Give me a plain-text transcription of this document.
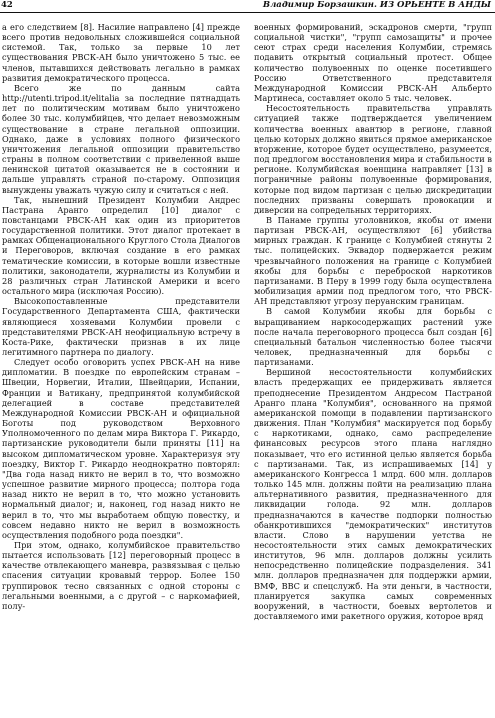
42	Владимир Борзашкин. ИЗ ОРЬЕНТЕ В АНДЫ

а его следствием [8]. Насилие направлено [4] прежде всего против недовольных сложившейся социальной системой. Так, только за первые 10 лет существования РВСК-АН было уничтожено 5 тыс. ее членов, пытавшихся действовать легально в рамках развития демократического процесса.

Всего же по данным сайта http://utenti.tripod.it/elitalia за последние пятнадцать лет по политическим мотивам было уничтожено более 30 тыс. колумбийцев, что делает невозможным существование в стране легальной оппозиции. Однако, даже в условиях полного физического уничтожения легальной оппозиции правительство страны в полном соответствии с привеленной выше ленинской цитатой оказывается не в состоянии и дальше управлять страной по-старому. Оппозиция вынуждены уважать чужую силу и считаться с ней.

Так, нынешний Президент Колумбии Андрес Пастрана Аранго определил [10] диалог с повстанцами РВСК-АН как один из приоритетов государственной политики. Этот диалог протекает в рамках Общенационального Круглого Стола Диалогов и Переговоров, включая создание в его рамках тематические комиссии, в которые вошли известные политики, законодатели, журналисты из Колумбии и 28 различных стран Латинской Америки и всего остального мира (исключая Россию).

Высокопоставленные представители Государственного Департамента США, фактически являющиеся хозяевами Колумбии провели с представителями РВСК-АН неофициальную встречу в Коста-Рике, фактически признав в их лице легитимного партнера по диалогу.

Следует особо оговорить успех РВСК-АН на ниве дипломатии. В поездке по европейским странам – Швеции, Норвегии, Италии, Швейцарии, Испании, Франции и Ватикану, предпринятой колумбийской делегацией в составе представителей Международной Комиссии РВСК-АН и официальной Боготы под руководством Верховного Уполномоченного по делам мира Виктора Г. Рикардо, партизанские руководители были приняты [11] на высоком дипломатическом уровне. Характеризуя эту поездку, Виктор Г. Рикардо неоднократно повторял: "Два года назад никто не верил в то, что возможно успешное развитие мирного процесса; полтора года назад никто не верил в то, что можно установить нормальный диалог; и, наконец, год назад никто не верил в то, что мы выработаем общую повестку, и совсем недавно никто не верил в возможность осуществления подобного рода поездки".

При этом, однако, колумбийское правительство пытается использовать [12] переговорный процесс в качестве отвлекающего маневра, развязывая с целью спасения ситуации кровавый террор. Более 150 группировок тесно связанных с одной стороны с легальными военными, а с другой – с наркомафией, полу-

военных формирований, эскадронов смерти, "групп социальной чистки", "групп самозащиты" и прочее сеют страх среди населения Колумбии, стремясь подавить открытый социальный протест. Общее количество полувоенных по оценке посетившего Россию Ответственного представителя Международной Комиссии РВСК-АН Альберто Мартинеса, составляет около 5 тыс. человек.

Несостоятельность правительства управлять ситуацией также подтверждается увеличением количества военных авантюр в регионе, главной целью которых должно явиться прямое американское вторжение, которое будет осуществлено, разумеется, под предлогом восстановления мира и стабильности в регионе. Колумбийская военщина направляет [13] в пограничные районы полувоенные формирования, которые под видом партизан с целью дискредитации последних призваны совершать провокации и диверсии на сопредельных территориях.

В Панаме группы уголовников, якобы от имени партизан РВСК-АН, осуществляют [6] убийства мирных граждан. К границе с Колумбией стянуты 2 тыс. полицейских. Эквадор подвержается режим чрезвычайного положения на границе с Колумбией якобы для борьбы с переброской наркотиков партизанами. В Перу в 1999 году была осуществлена мобилизация армии под предлогом того, что РВСК-АН представляют угрозу перуанским границам.

В самой Колумбии якобы для борьбы с выращиванием наркосодержащих растений уже после начала переговорного процесса был создан [6] специальный батальон численностью более тысячи человек, предназначенный для борьбы с партизанами.

Вершиной несостоятельности колумбийских власть предержащих ее придерживать является преподнесение Президентом Андресом Пастраной Аранго плана "Колумбия", основанного на прямой американской помощи в подавлении партизанского движения. План "Колумбия" маскируется под борьбу с наркотиками, однако, само распределение финансовых ресурсов этого плана наглядно показывает, что его истинной целью является борьба с партизанами. Так, из испрашиваемых [14] у американского Конгресса 1 млрд. 600 млн. долларов только 145 млн. должны пойти на реализацию плана альтернативного развития, предназначенного для ликвидации голода. 92 млн. долларов предназначаются в качестве подпорки полностью обанкротившихся "демократических" институтов власти. Слово в нарушении уетства не несостоятельности этих самых демократических институтов, 96 млн. долларов должны усилить непосредственно полицейские подразделения. 341 млн. долларов предназначен для поддержки армии, ВМФ, ВВС и спецслужб. На эти деньги, в частности, планируется закупка самых современных вооружений, в частности, боевых вертолетов и доставляемого ими ракетного оружия, которое вряд
